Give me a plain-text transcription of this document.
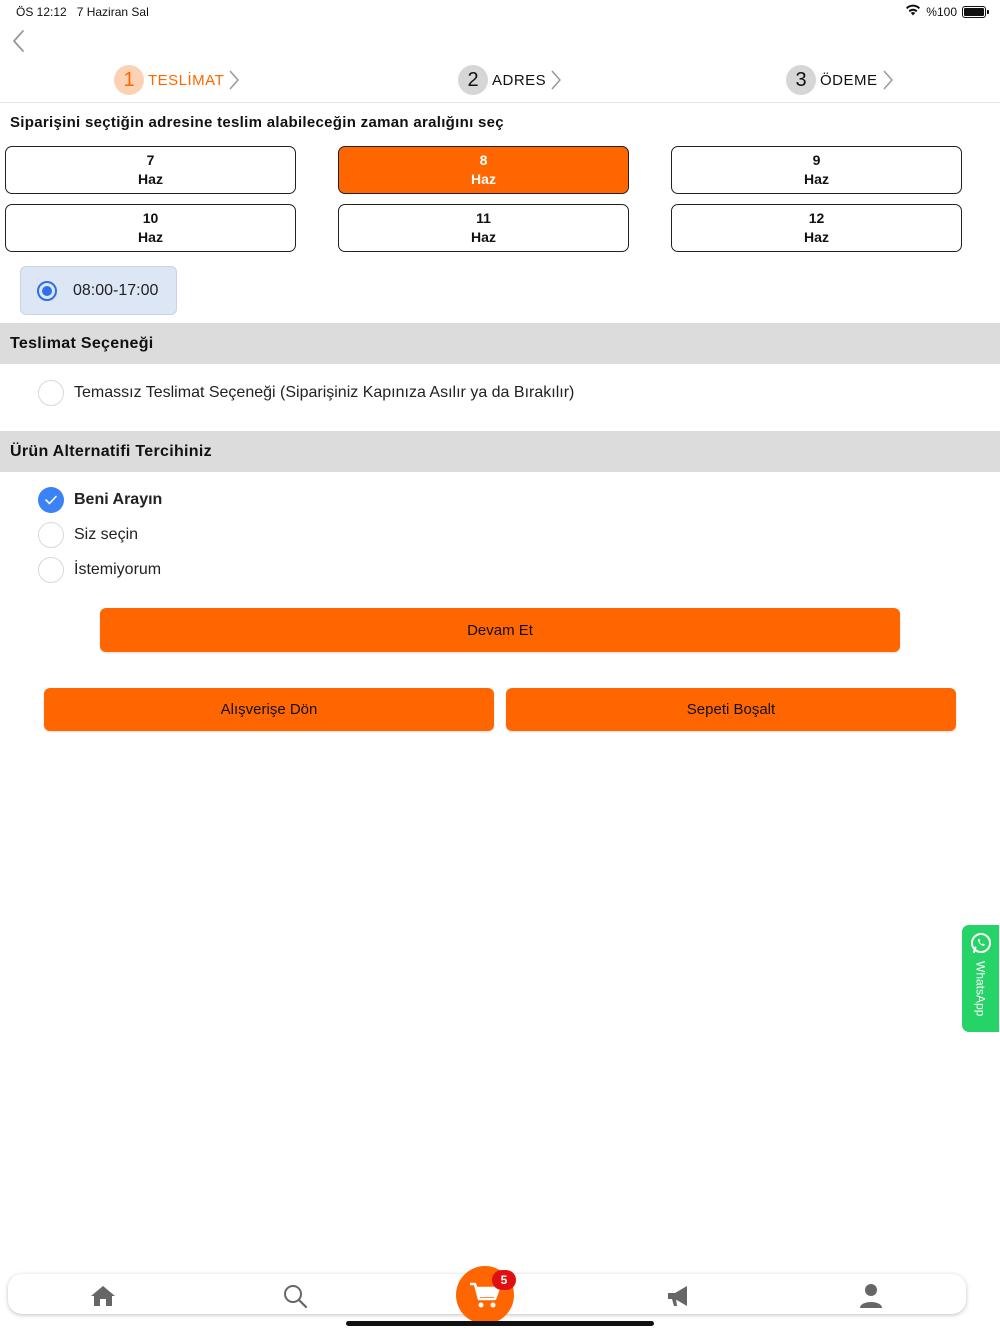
ÖS 12:12 7 Haziran Sal	%100
1 TESLİMAT	2 ADRES	3 ÖDEME
Siparişini seçtiğin adresine teslim alabileceğin zaman aralığını seç
7
Haz
8
Haz
9
Haz
10
Haz
11
Haz
12
Haz
08:00-17:00
Teslimat Seçeneği
Temassız Teslimat Seçeneği (Siparişiniz Kapınıza Asılır ya da Bırakılır)
Ürün Alternatifi Tercihiniz
Beni Arayın
Siz seçin
İstemiyorum
Devam Et
Alışverişe Dön	Sepeti Boşalt
WhatsApp
5
